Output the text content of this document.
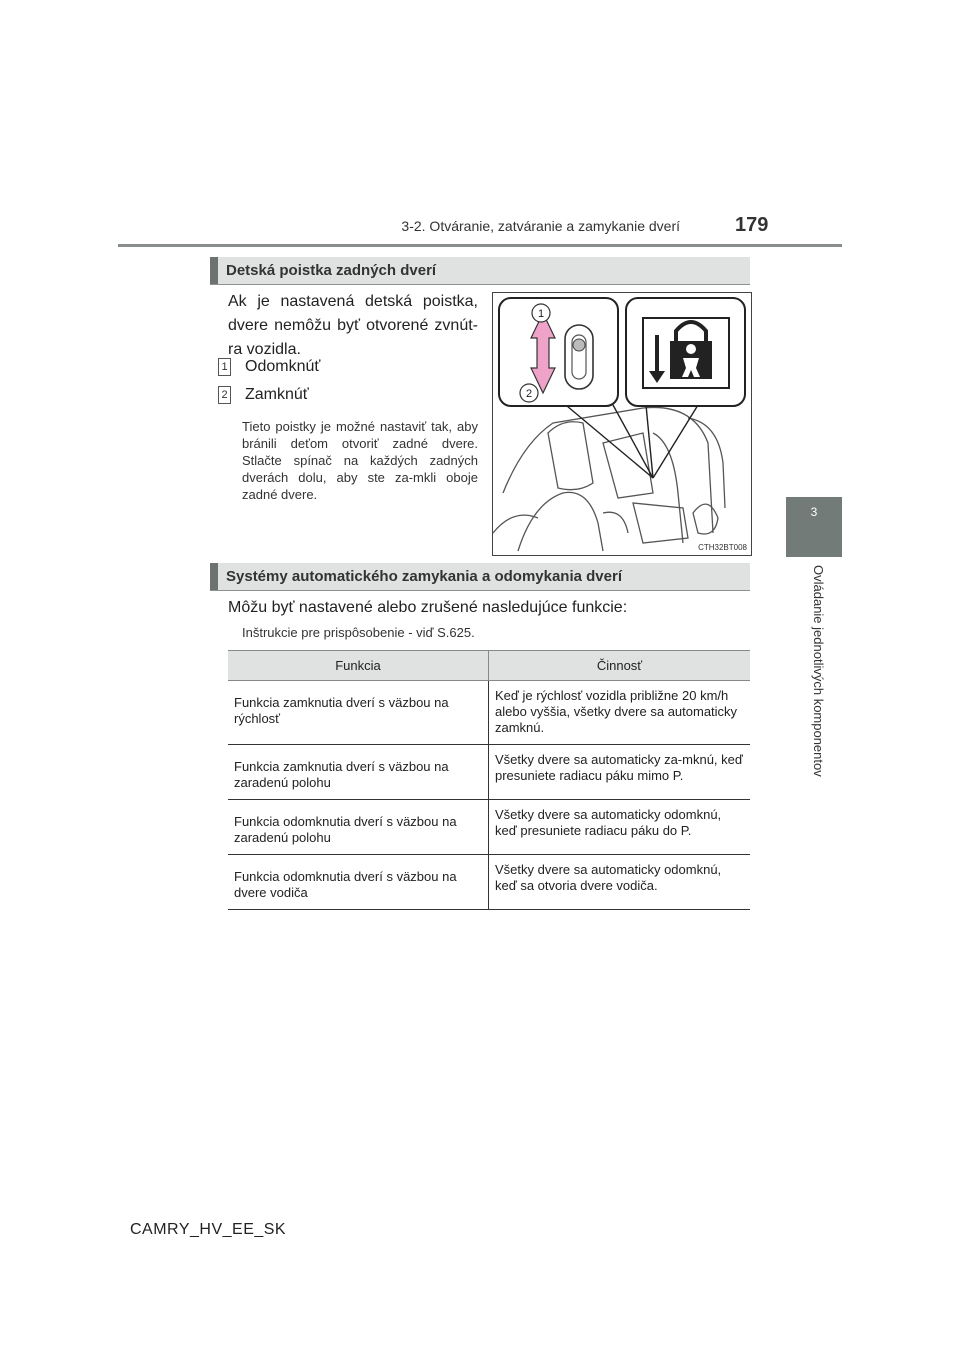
3-2. Otváranie, zatváranie a zamykanie dverí	179
3
Ovládanie jednotlivých komponentov
Detská poistka zadných dverí
Ak je nastavená detská poistka, dvere nemôžu byť otvorené zvnút-ra vozidla.
1 Odomknúť
2 Zamknúť
Tieto poistky je možné nastaviť tak, aby bránili deťom otvoriť zadné dvere. Stlačte spínač na každých zadných dverách dolu, aby ste za-mkli oboje zadné dvere.
1
2
CTH32BT008
Systémy automatického zamykania a odomykania dverí
Môžu byť nastavené alebo zrušené nasledujúce funkcie:
Inštrukcie pre prispôsobenie - viď S.625.
Funkcia	Činnosť
Funkcia zamknutia dverí s väzbou na rýchlosť	Keď je rýchlosť vozidla približne 20 km/h alebo vyššia, všetky dvere sa automaticky zamknú.
Funkcia zamknutia dverí s väzbou na zaradenú polohu	Všetky dvere sa automaticky za-mknú, keď presuniete radiacu páku mimo P.
Funkcia odomknutia dverí s väzbou na zaradenú polohu	Všetky dvere sa automaticky odomknú, keď presuniete radiacu páku do P.
Funkcia odomknutia dverí s väzbou na dvere vodiča	Všetky dvere sa automaticky odomknú, keď sa otvoria dvere vodiča.
CAMRY_HV_EE_SK
